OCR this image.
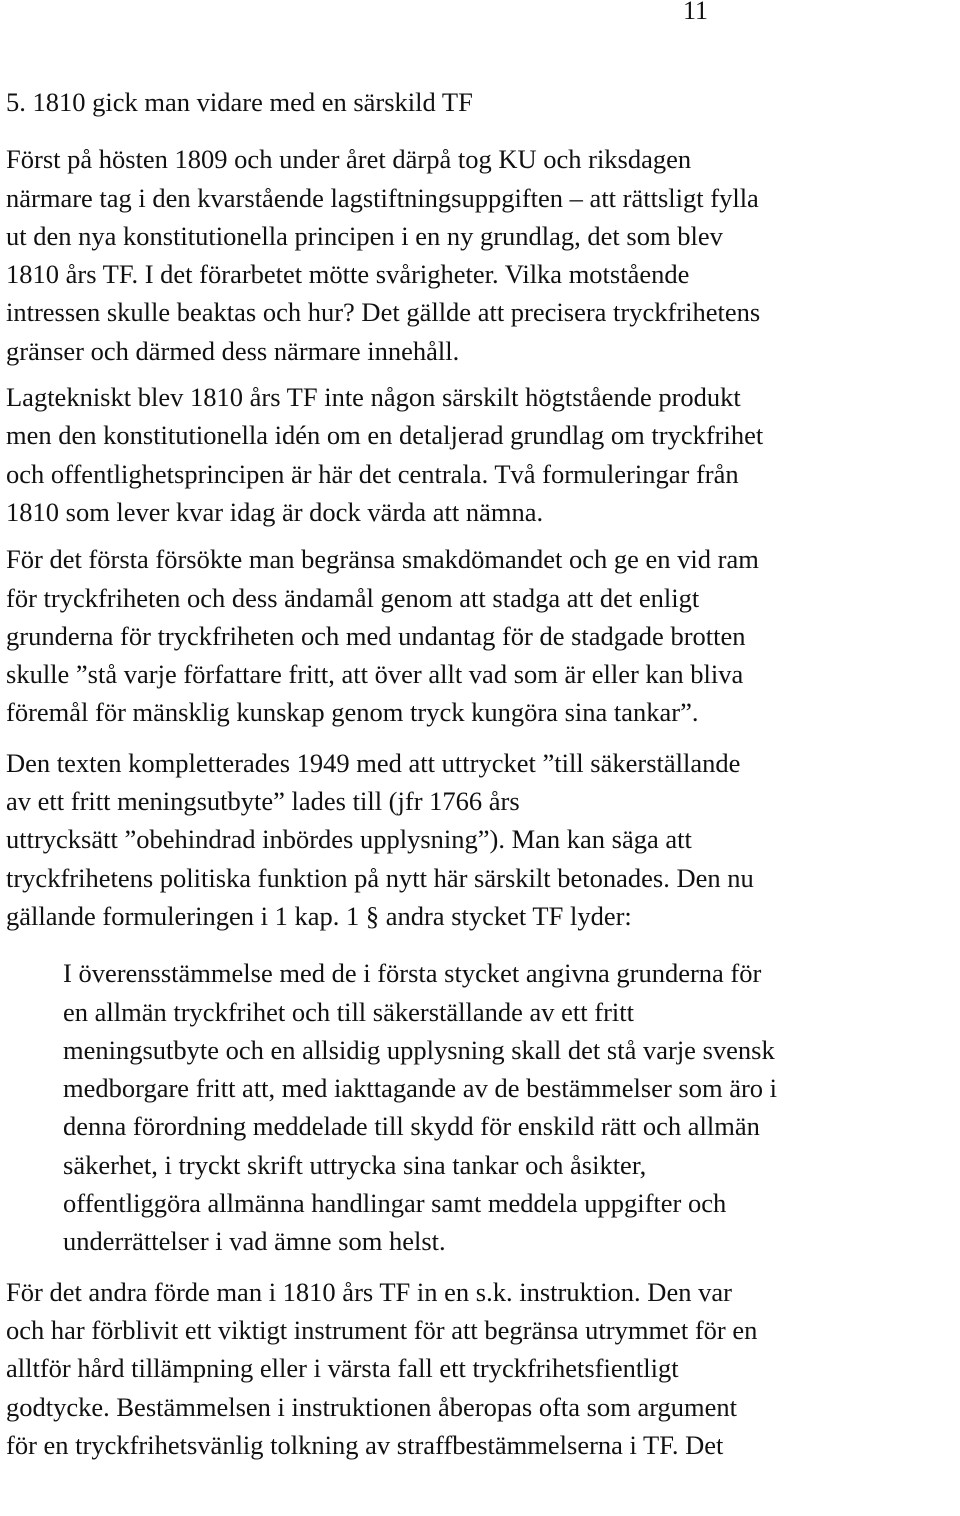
11

5. 1810 gick man vidare med en särskild TF

Först på hösten 1809 och under året därpå tog KU och riksdagen

närmare tag i den kvarstående lagstiftningsuppgiften – att rättsligt fylla

ut den nya konstitutionella principen i en ny grundlag, det som blev

1810 års TF. I det förarbetet mötte svårigheter. Vilka motstående

intressen skulle beaktas och hur? Det gällde att precisera tryckfrihetens

gränser och därmed dess närmare innehåll.

Lagtekniskt blev 1810 års TF inte någon särskilt högtstående produkt

men den konstitutionella idén om en detaljerad grundlag om tryckfrihet

och offentlighetsprincipen är här det centrala. Två formuleringar från

1810 som lever kvar idag är dock värda att nämna.

För det första försökte man begränsa smakdömandet och ge en vid ram

för tryckfriheten och dess ändamål genom att stadga att det enligt

grunderna för tryckfriheten och med undantag för de stadgade brotten

skulle ”stå varje författare fritt, att över allt vad som är eller kan bliva

föremål för mänsklig kunskap genom tryck kungöra sina tankar”.

Den texten kompletterades 1949 med att uttrycket ”till säkerställande

av ett fritt meningsutbyte” lades till (jfr 1766 års

uttrycksätt ”obehindrad inbördes upplysning”). Man kan säga att

tryckfrihetens politiska funktion på nytt här särskilt betonades. Den nu

gällande formuleringen i 1 kap. 1 § andra stycket TF lyder:

I överensstämmelse med de i första stycket angivna grunderna för

en allmän tryckfrihet och till säkerställande av ett fritt

meningsutbyte och en allsidig upplysning skall det stå varje svensk

medborgare fritt att, med iakttagande av de bestämmelser som äro i

denna förordning meddelade till skydd för enskild rätt och allmän

säkerhet, i tryckt skrift uttrycka sina tankar och åsikter,

offentliggöra allmänna handlingar samt meddela uppgifter och

underrättelser i vad ämne som helst.

För det andra förde man i 1810 års TF in en s.k. instruktion. Den var

och har förblivit ett viktigt instrument för att begränsa utrymmet för en

alltför hård tillämpning eller i värsta fall ett tryckfrihetsfientligt

godtycke. Bestämmelsen i instruktionen åberopas ofta som argument

för en tryckfrihetsvänlig tolkning av straffbestämmelserna i TF. Det
